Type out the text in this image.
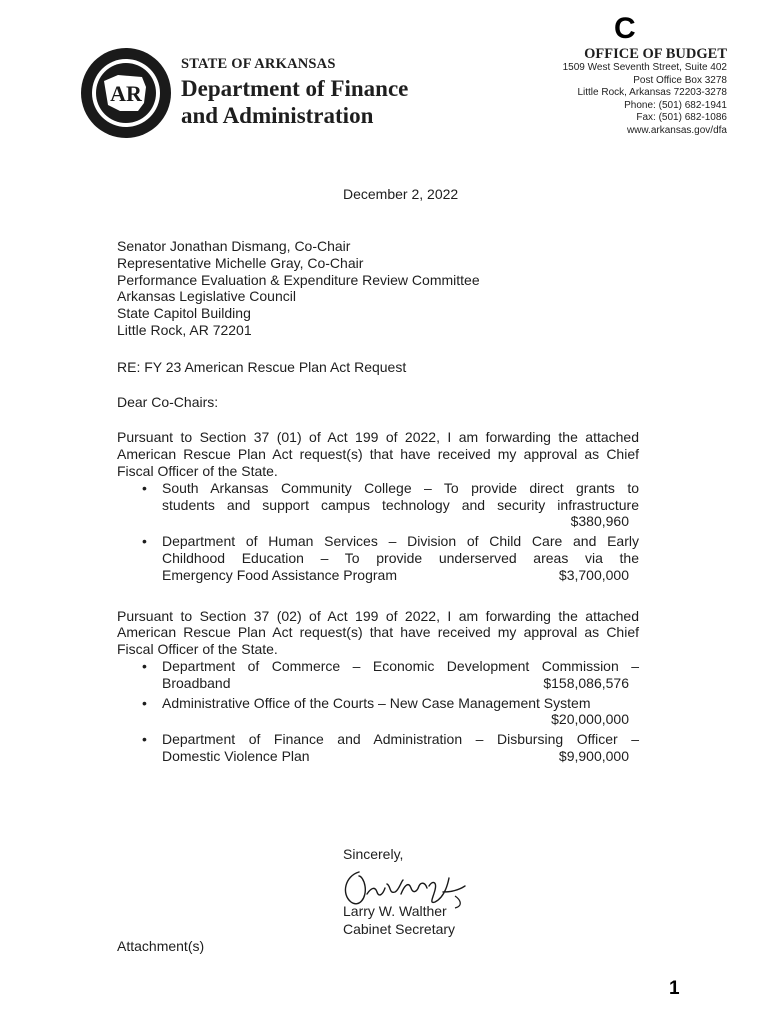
C
AR
STATE OF ARKANSAS
Department of Finance
and Administration
OFFICE OF BUDGET
1509 West Seventh Street, Suite 402
Post Office Box 3278
Little Rock, Arkansas 72203-3278
Phone: (501) 682-1941
Fax: (501) 682-1086
www.arkansas.gov/dfa
December 2, 2022
Senator Jonathan Dismang, Co-Chair
Representative Michelle Gray, Co-Chair
Performance Evaluation & Expenditure Review Committee
Arkansas Legislative Council
State Capitol Building
Little Rock, AR 72201
RE: FY 23 American Rescue Plan Act Request
Dear Co-Chairs:
Pursuant to Section 37 (01) of Act 199 of 2022, I am forwarding the attached American Rescue Plan Act request(s) that have received my approval as Chief Fiscal Officer of the State.
• South Arkansas Community College – To provide direct grants to
students and support campus technology and security infrastructure
$380,960
• Department of Human Services – Division of Child Care and Early
Childhood Education – To provide underserved areas via the
Emergency Food Assistance Program	$3,700,000
Pursuant to Section 37 (02) of Act 199 of 2022, I am forwarding the attached American Rescue Plan Act request(s) that have received my approval as Chief Fiscal Officer of the State.
• Department of Commerce – Economic Development Commission –
Broadband	$158,086,576
• Administrative Office of the Courts – New Case Management System
$20,000,000
• Department of Finance and Administration – Disbursing Officer –
Domestic Violence Plan	$9,900,000
Sincerely,
Larry W. Walther
Cabinet Secretary
Attachment(s)
1
